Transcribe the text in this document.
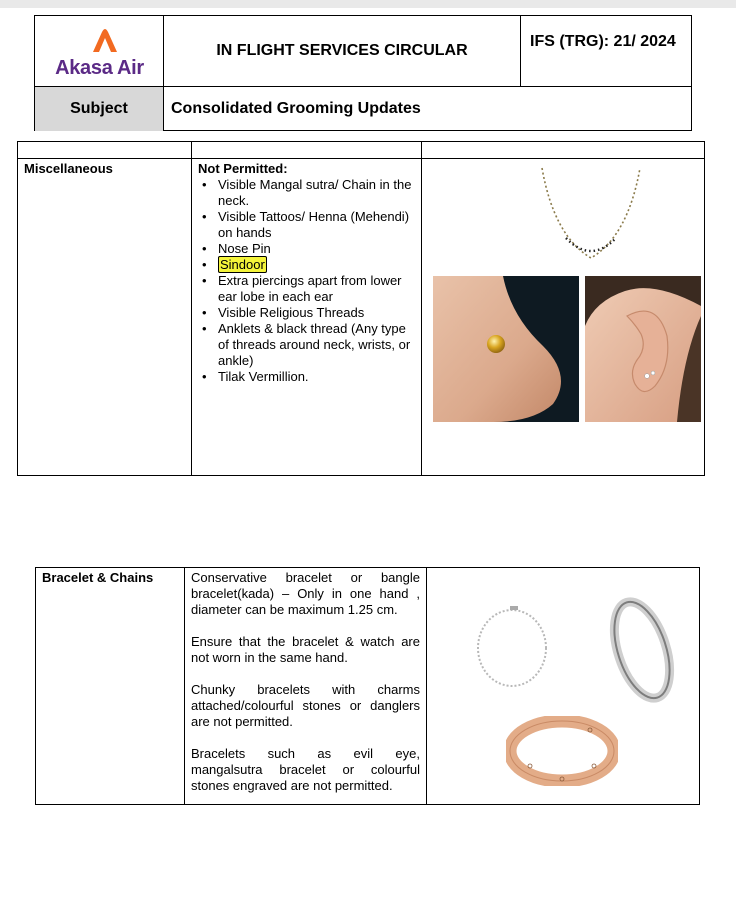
Akasa Air
IN FLIGHT SERVICES CIRCULAR
IFS (TRG): 21/ 2024
Subject	Consolidated Grooming Updates
Miscellaneous	Not Permitted:
• Visible Mangal sutra/ Chain in the neck.
• Visible Tattoos/ Henna (Mehendi) on hands
• Nose Pin
• Sindoor
• Extra piercings apart from lower ear lobe in each ear
• Visible Religious Threads
• Anklets & black thread (Any type of threads around neck, wrists, or ankle)
• Tilak Vermillion.
Bracelet & Chains	Conservative bracelet or bangle bracelet(kada) – Only in one hand , diameter can be maximum 1.25 cm.

Ensure that the bracelet & watch are not worn in the same hand.

Chunky bracelets with charms attached/colourful stones or danglers are not permitted.

Bracelets such as evil eye, mangalsutra bracelet or colourful stones engraved are not permitted.
